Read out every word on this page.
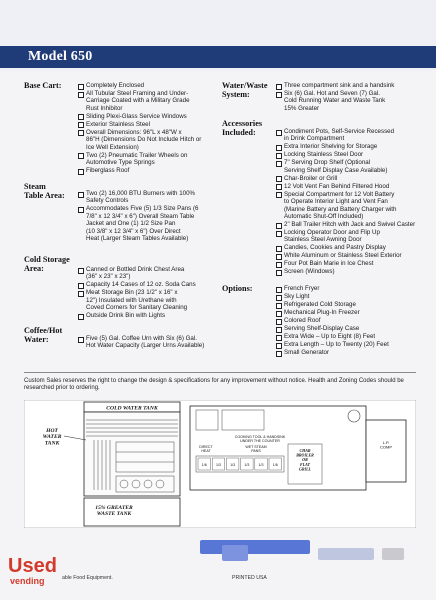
Model 650
Base Cart:	Completely Enclosed
All Tubular Steel Framing and Under-
Carriage Coated with a Military Grade
Rust Inhibitor
Sliding Plexi-Glass Service Windows
Exterior Stainless Steel
Overall Dimensions: 96"L x 48"W x
86"H (Dimensions Do Not Include Hitch or
Ice Well Extension)
Two (2) Pneumatic Trailer Wheels on
Automotive Type Springs
Fiberglass Roof
Steam
Table Area:	Two (2) 16,000 BTU Burners with 100%
Safety Controls
Accommodates Five (5) 1/3 Size Pans (6
7/8" x 12 3/4" x 6") Overall Steam Table
Jacket and One (1) 1/2 Size Pan
(10 3/8" x 12 3/4" x 6") Over Direct
Heat (Larger Steam Tables Available)
Cold Storage
Area:	Canned or Bottled Drink Chest Area
(36" x 23" x 23")
Capacity 14 Cases of 12 oz. Soda Cans
Meat Storage Bin (23 1/2" x 16" x
12") Insulated with Urethane with
Coved Corners for Sanitary Cleaning
Outside Drink Bin with Lights
Coffee/Hot
Water:	Five (5) Gal. Coffee Urn with Six (6) Gal.
Hot Water Capacity (Larger Urns Available)
Water/Waste
System:
Three compartment sink and a handsink
Six (6) Gal. Hot and Seven (7) Gal.
Cold Running Water and Waste Tank
15% Greater
Accessories
Included:	Condiment Pots, Self-Service Recessed
in Drink Compartment
Extra Interior Shelving for Storage
Locking Stainless Steel Door
7" Serving Drop Shelf (Optional
Serving Shelf Display Case Available)
Char-Broiler or Grill
12 Volt Vent Fan Behind Filtered Hood
Special Compartment for 12 Volt Battery
to Operate Interior Light and Vent Fan
(Marine Battery and Battery Charger with
Automatic Shut-Off Included)
2" Ball Trailer Hitch with Jack and Swivel Caster
Locking Operator Door and Flip Up
Stainless Steel Awning Door
Candies, Cookies and Pastry Display
White Aluminum or Stainless Steel Exterior
Four Pot Bain Marie in Ice Chest
Screen (Windows)
Options:	French Fryer
Sky Light
Refrigerated Cold Storage
Mechanical Plug-In Freezer
Colored Roof
Serving Shelf-Display Case
Extra Wide – Up to Eight (8) Feet
Extra Length – Up to Twenty (20) Feet
Small Generator
Custom Sales reserves the right to change the design & specifications for any improvement without notice. Health and Zoning Codes should be researched prior to ordering.
COLD WATER TANK
HOT WATER TANK
15% GREATER WASTE TANK
COOKING TOOL & HANDSINK UNDER THE COUNTER
DIRECT HEAT
WET STEAM PANS
1/6	1/3	1/3	1/3	1/3	1/6
CHAR BROILER OR FLAT GRILL
L.P. COMP
Used
vending	able Food Equipment.	PRINTED USA
